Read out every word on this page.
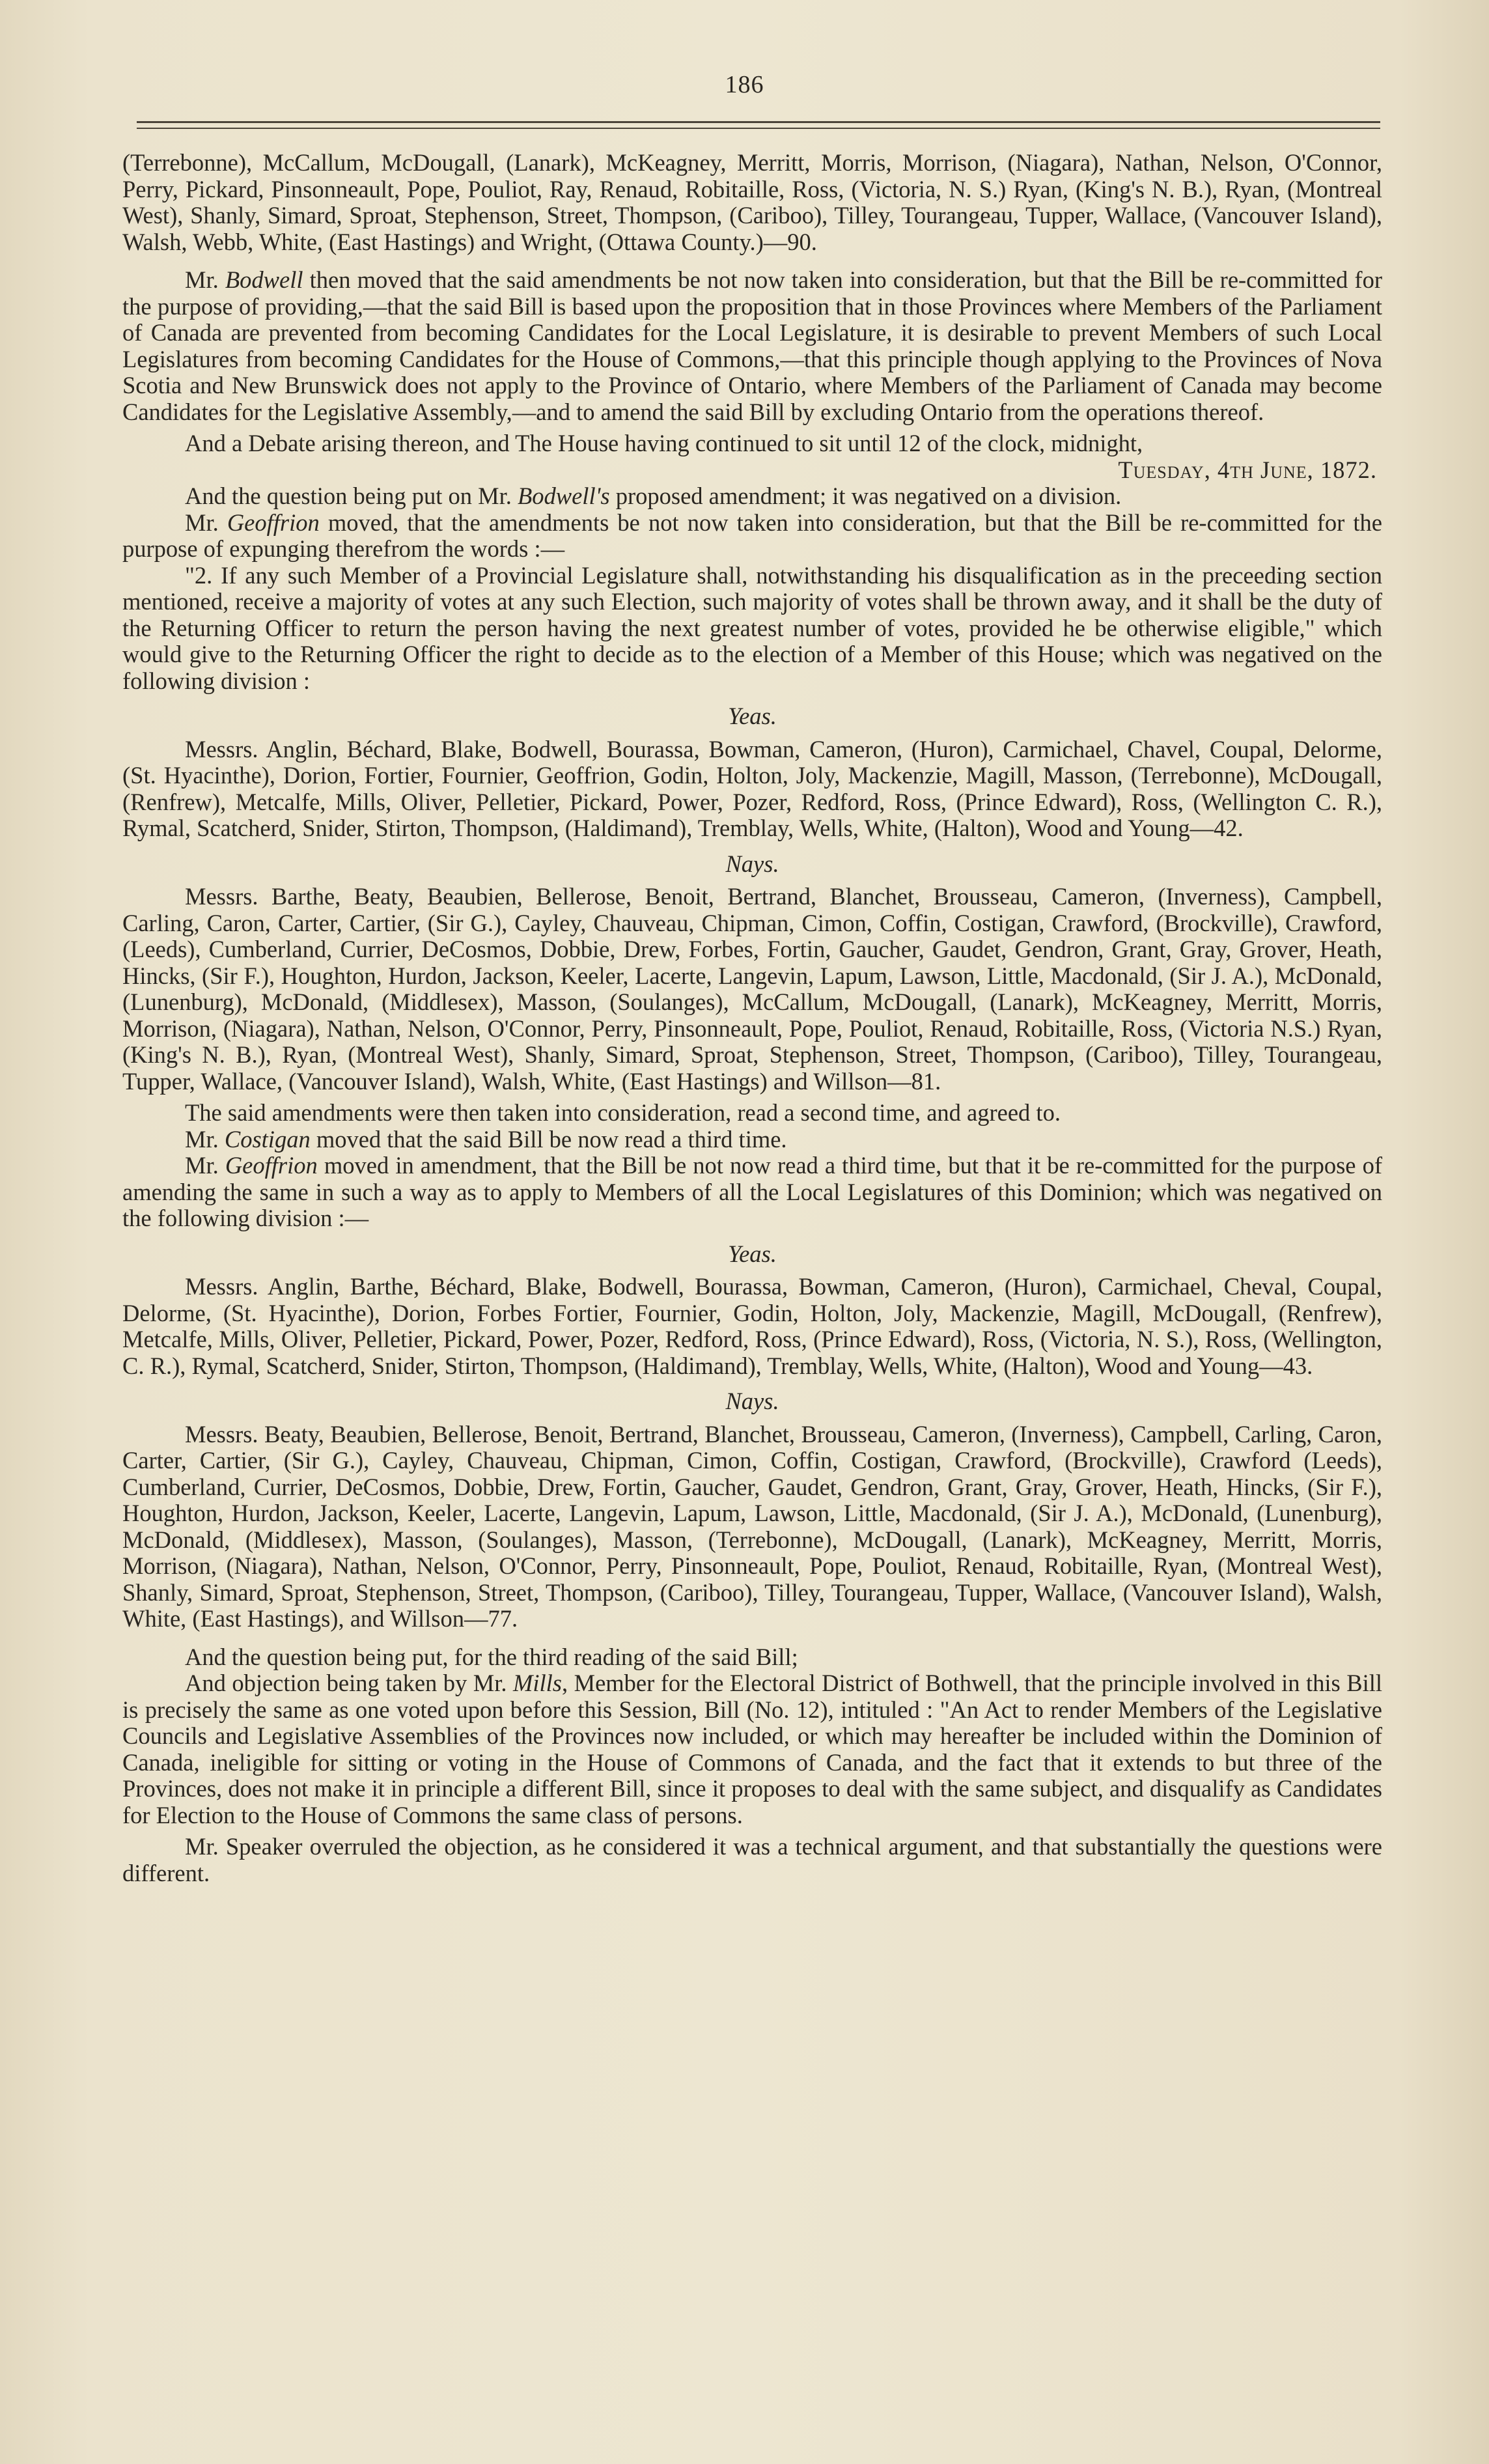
186

(Terrebonne), McCallum, McDougall, (Lanark), McKeagney, Merritt, Morris, Morrison, (Niagara), Nathan, Nelson, O'Connor, Perry, Pickard, Pinsonneault, Pope, Pouliot, Ray, Renaud, Robitaille, Ross, (Victoria, N. S.) Ryan, (King's N. B.), Ryan, (Montreal West), Shanly, Simard, Sproat, Stephenson, Street, Thompson, (Cariboo), Tilley, Tourangeau, Tupper, Wallace, (Vancouver Island), Walsh, Webb, White, (East Hastings) and Wright, (Ottawa County.)—90.

Mr. Bodwell then moved that the said amendments be not now taken into consideration, but that the Bill be re-committed for the purpose of providing,—that the said Bill is based upon the proposition that in those Provinces where Members of the Parliament of Canada are prevented from becoming Candidates for the Local Legislature, it is desirable to prevent Members of such Local Legislatures from becoming Candidates for the House of Commons,—that this principle though applying to the Provinces of Nova Scotia and New Brunswick does not apply to the Province of Ontario, where Members of the Parliament of Canada may become Candidates for the Legislative Assembly,—and to amend the said Bill by excluding Ontario from the operations thereof.

And a Debate arising thereon, and The House having continued to sit until 12 of the clock, midnight,

Tuesday, 4th June, 1872.

And the question being put on Mr. Bodwell's proposed amendment; it was negatived on a division.

Mr. Geoffrion moved, that the amendments be not now taken into consideration, but that the Bill be re-committed for the purpose of expunging therefrom the words :—

"2. If any such Member of a Provincial Legislature shall, notwithstanding his disqualification as in the preceeding section mentioned, receive a majority of votes at any such Election, such majority of votes shall be thrown away, and it shall be the duty of the Returning Officer to return the person having the next greatest number of votes, provided he be otherwise eligible," which would give to the Returning Officer the right to decide as to the election of a Member of this House; which was negatived on the following division :

Yeas.

Messrs. Anglin, Béchard, Blake, Bodwell, Bourassa, Bowman, Cameron, (Huron), Carmichael, Chavel, Coupal, Delorme, (St. Hyacinthe), Dorion, Fortier, Fournier, Geoffrion, Godin, Holton, Joly, Mackenzie, Magill, Masson, (Terrebonne), McDougall, (Renfrew), Metcalfe, Mills, Oliver, Pelletier, Pickard, Power, Pozer, Redford, Ross, (Prince Edward), Ross, (Wellington C. R.), Rymal, Scatcherd, Snider, Stirton, Thompson, (Haldimand), Tremblay, Wells, White, (Halton), Wood and Young—42.

Nays.

Messrs. Barthe, Beaty, Beaubien, Bellerose, Benoit, Bertrand, Blanchet, Brousseau, Cameron, (Inverness), Campbell, Carling, Caron, Carter, Cartier, (Sir G.), Cayley, Chauveau, Chipman, Cimon, Coffin, Costigan, Crawford, (Brockville), Crawford, (Leeds), Cumberland, Currier, DeCosmos, Dobbie, Drew, Forbes, Fortin, Gaucher, Gaudet, Gendron, Grant, Gray, Grover, Heath, Hincks, (Sir F.), Houghton, Hurdon, Jackson, Keeler, Lacerte, Langevin, Lapum, Lawson, Little, Macdonald, (Sir J. A.), McDonald, (Lunenburg), McDonald, (Middlesex), Masson, (Soulanges), McCallum, McDougall, (Lanark), McKeagney, Merritt, Morris, Morrison, (Niagara), Nathan, Nelson, O'Connor, Perry, Pinsonneault, Pope, Pouliot, Renaud, Robitaille, Ross, (Victoria N.S.) Ryan, (King's N. B.), Ryan, (Montreal West), Shanly, Simard, Sproat, Stephenson, Street, Thompson, (Cariboo), Tilley, Tourangeau, Tupper, Wallace, (Vancouver Island), Walsh, White, (East Hastings) and Willson—81.

The said amendments were then taken into consideration, read a second time, and agreed to.

Mr. Costigan moved that the said Bill be now read a third time.

Mr. Geoffrion moved in amendment, that the Bill be not now read a third time, but that it be re-committed for the purpose of amending the same in such a way as to apply to Members of all the Local Legislatures of this Dominion; which was negatived on the following division :—

Yeas.

Messrs. Anglin, Barthe, Béchard, Blake, Bodwell, Bourassa, Bowman, Cameron, (Huron), Carmichael, Cheval, Coupal, Delorme, (St. Hyacinthe), Dorion, Forbes Fortier, Fournier, Godin, Holton, Joly, Mackenzie, Magill, McDougall, (Renfrew), Metcalfe, Mills, Oliver, Pelletier, Pickard, Power, Pozer, Redford, Ross, (Prince Edward), Ross, (Victoria, N. S.), Ross, (Wellington, C. R.), Rymal, Scatcherd, Snider, Stirton, Thompson, (Haldimand), Tremblay, Wells, White, (Halton), Wood and Young—43.

Nays.

Messrs. Beaty, Beaubien, Bellerose, Benoit, Bertrand, Blanchet, Brousseau, Cameron, (Inverness), Campbell, Carling, Caron, Carter, Cartier, (Sir G.), Cayley, Chauveau, Chipman, Cimon, Coffin, Costigan, Crawford, (Brockville), Crawford (Leeds), Cumberland, Currier, DeCosmos, Dobbie, Drew, Fortin, Gaucher, Gaudet, Gendron, Grant, Gray, Grover, Heath, Hincks, (Sir F.), Houghton, Hurdon, Jackson, Keeler, Lacerte, Langevin, Lapum, Lawson, Little, Macdonald, (Sir J. A.), McDonald, (Lunenburg), McDonald, (Middlesex), Masson, (Soulanges), Masson, (Terrebonne), McDougall, (Lanark), McKeagney, Merritt, Morris, Morrison, (Niagara), Nathan, Nelson, O'Connor, Perry, Pinsonneault, Pope, Pouliot, Renaud, Robitaille, Ryan, (Montreal West), Shanly, Simard, Sproat, Stephenson, Street, Thompson, (Cariboo), Tilley, Tourangeau, Tupper, Wallace, (Vancouver Island), Walsh, White, (East Hastings), and Willson—77.

And the question being put, for the third reading of the said Bill;

And objection being taken by Mr. Mills, Member for the Electoral District of Bothwell, that the principle involved in this Bill is precisely the same as one voted upon before this Session, Bill (No. 12), intituled : "An Act to render Members of the Legislative Councils and Legislative Assemblies of the Provinces now included, or which may hereafter be included within the Dominion of Canada, ineligible for sitting or voting in the House of Commons of Canada, and the fact that it extends to but three of the Provinces, does not make it in principle a different Bill, since it proposes to deal with the same subject, and disqualify as Candidates for Election to the House of Commons the same class of persons.

Mr. Speaker overruled the objection, as he considered it was a technical argument, and that substantially the questions were different.
